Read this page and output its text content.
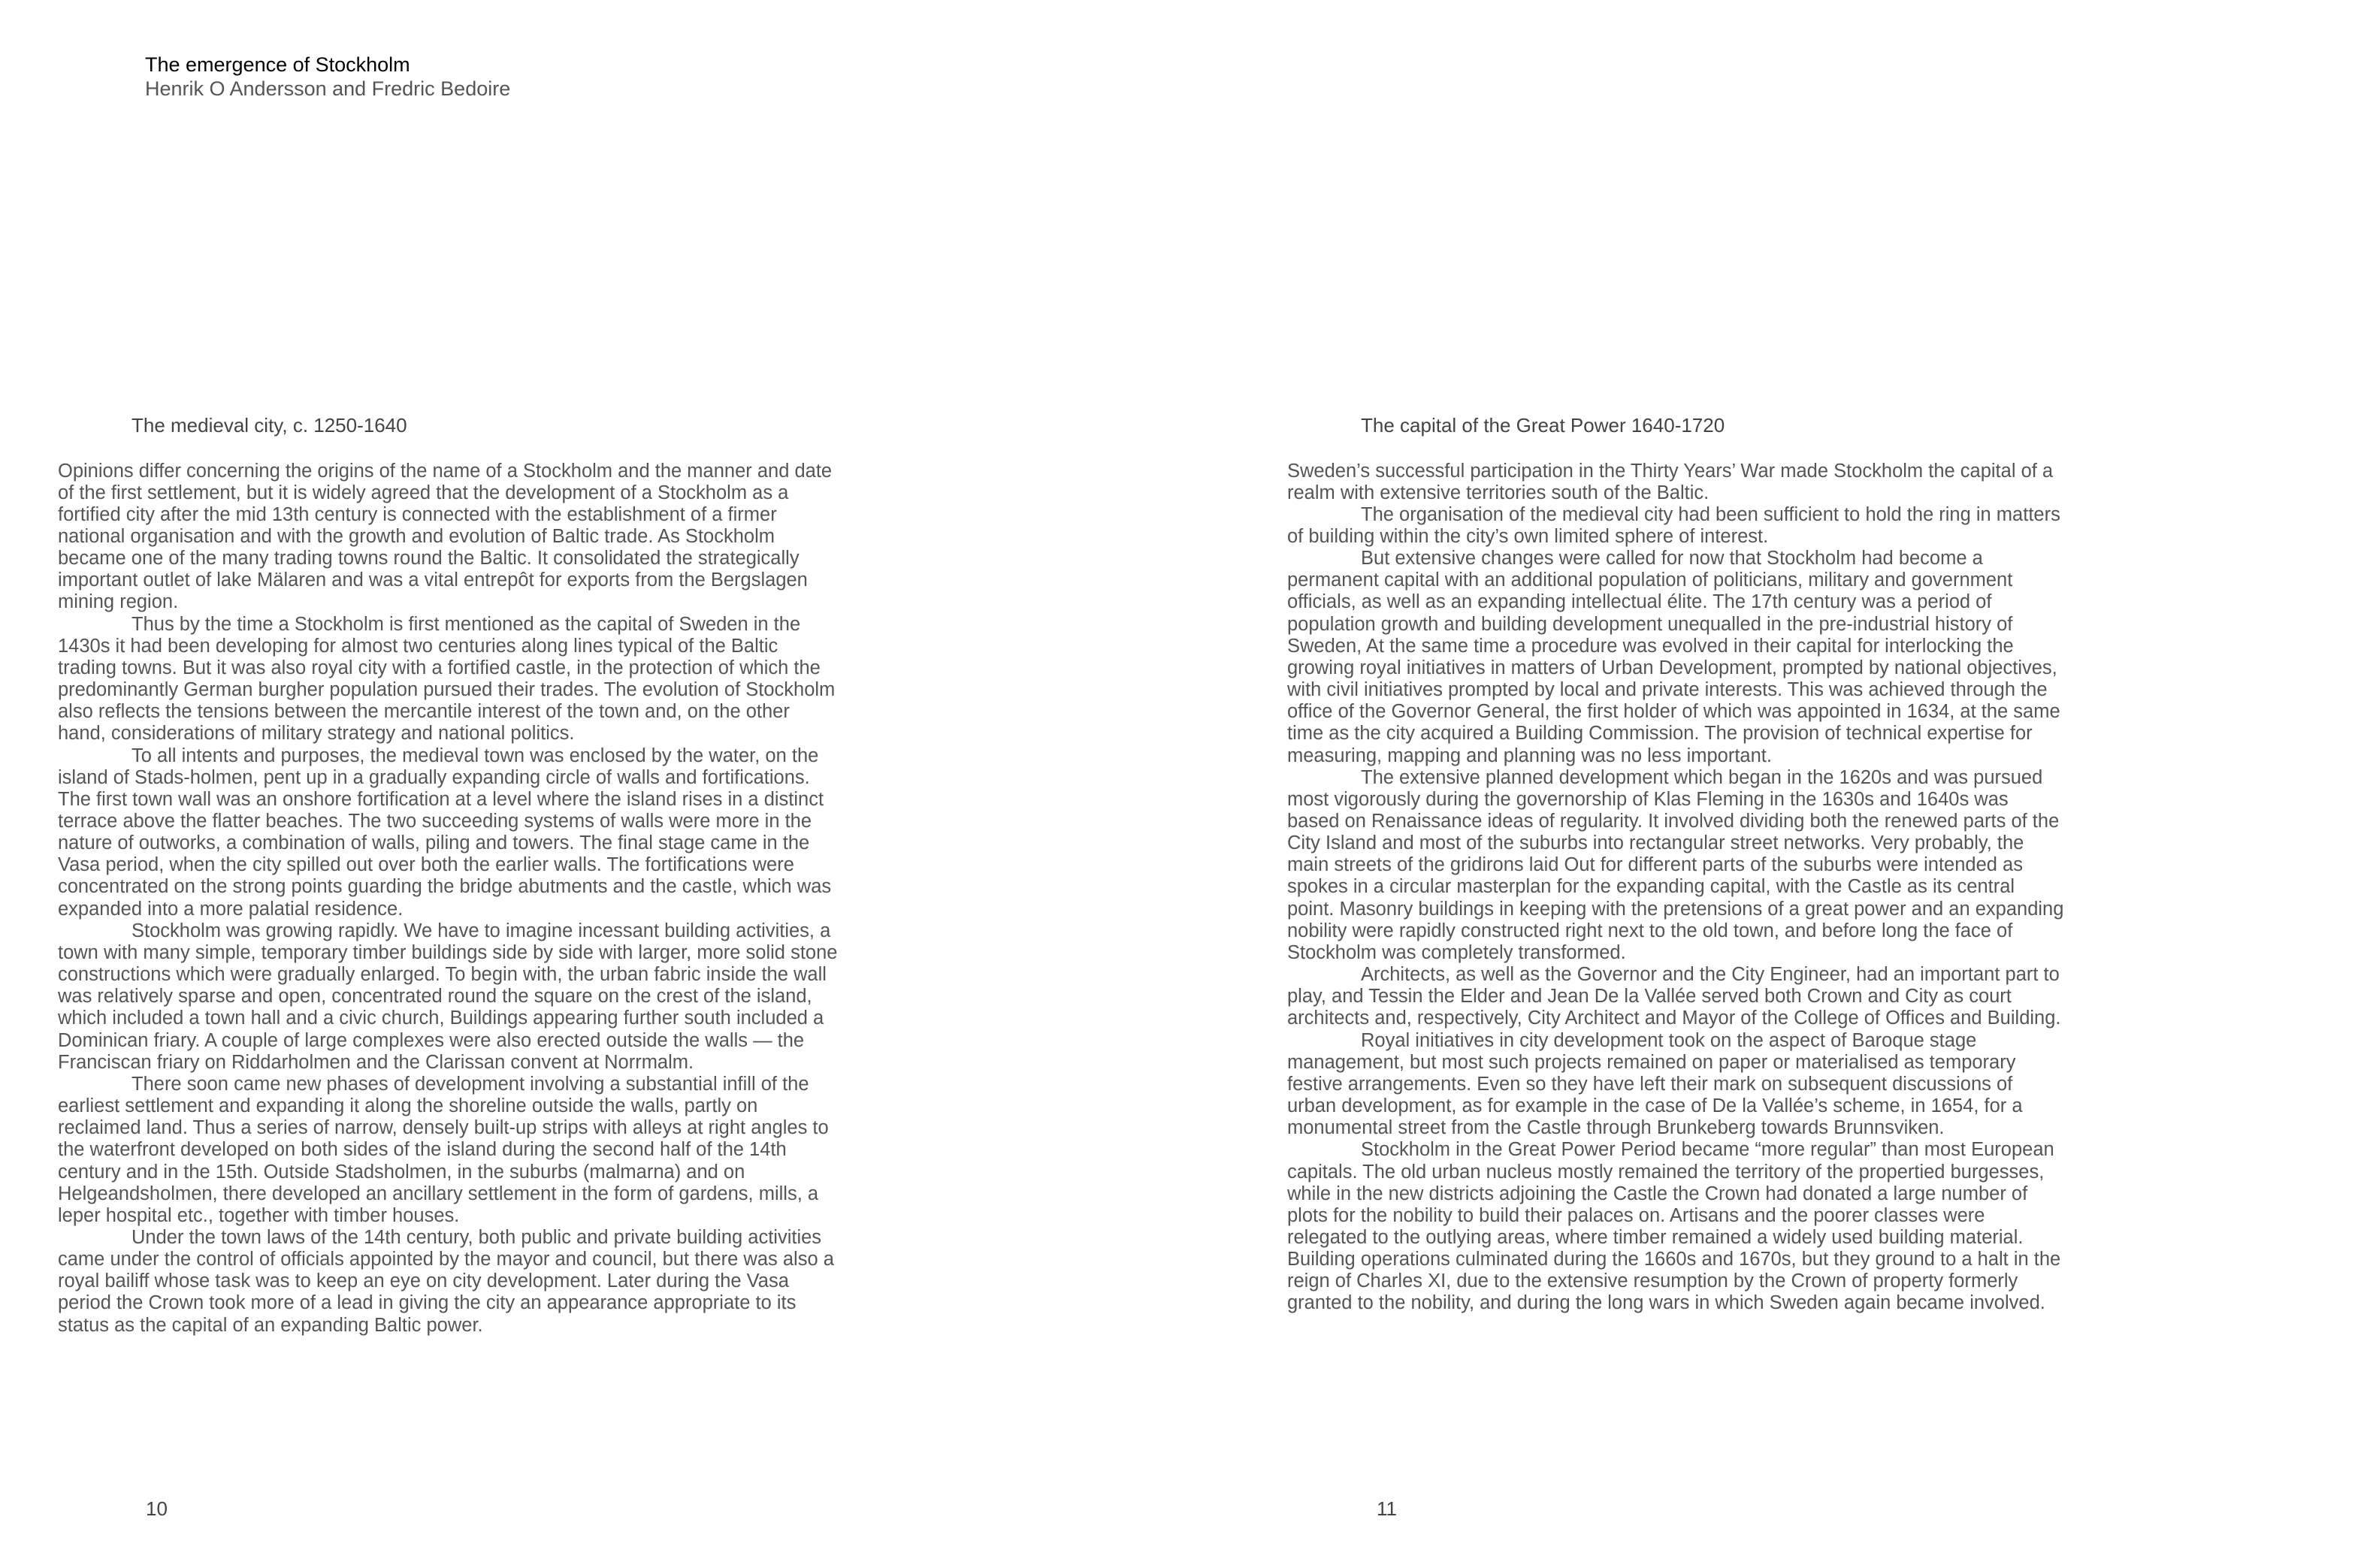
The emergence of Stockholm
Henrik O Andersson and Fredric Bedoire
The medieval city, c. 1250-1640

Opinions differ concerning the origins of the name of a Stockholm and the manner and date of the first settlement, but it is widely agreed that the development of a Stockholm as a fortified city after the mid 13th century is connected with the establishment of a firmer national organisation and with the growth and evolution of Baltic trade. As Stockholm became one of the many trading towns round the Baltic. It consolidated the strategically important outlet of lake Mälaren and was a vital entrepôt for exports from the Bergslagen mining region.

Thus by the time a Stockholm is first mentioned as the capital of Sweden in the 1430s it had been developing for almost two centuries along lines typical of the Baltic trading towns. But it was also royal city with a fortified castle, in the protection of which the predominantly German burgher population pursued their trades. The evolution of Stockholm also reflects the tensions between the mercantile interest of the town and, on the other hand, considerations of military strategy and national politics.

To all intents and purposes, the medieval town was enclosed by the water, on the island of Stads-holmen, pent up in a gradually expanding circle of walls and fortifications. The first town wall was an onshore fortification at a level where the island rises in a distinct terrace above the flatter beaches. The two succeeding systems of walls were more in the nature of outworks, a combination of walls, piling and towers. The final stage came in the Vasa period, when the city spilled out over both the earlier walls. The fortifications were concentrated on the strong points guarding the bridge abutments and the castle, which was expanded into a more palatial residence.

Stockholm was growing rapidly. We have to imagine incessant building activities, a town with many simple, temporary timber buildings side by side with larger, more solid stone constructions which were gradually enlarged. To begin with, the urban fabric inside the wall was relatively sparse and open, concentrated round the square on the crest of the island, which included a town hall and a civic church, Buildings appearing further south included a Dominican friary. A couple of large complexes were also erected outside the walls — the Franciscan friary on Riddarholmen and the Clarissan convent at Norrmalm.

There soon came new phases of development involving a substantial infill of the earliest settlement and expanding it along the shoreline outside the walls, partly on reclaimed land. Thus a series of narrow, densely built-up strips with alleys at right angles to the waterfront developed on both sides of the island during the second half of the 14th century and in the 15th. Outside Stadsholmen, in the suburbs (malmarna) and on Helgeandsholmen, there developed an ancillary settlement in the form of gardens, mills, a leper hospital etc., together with timber houses.

Under the town laws of the 14th century, both public and private building activities came under the control of officials appointed by the mayor and council, but there was also a royal bailiff whose task was to keep an eye on city development. Later during the Vasa period the Crown took more of a lead in giving the city an appearance appropriate to its status as the capital of an expanding Baltic power.

The capital of the Great Power 1640-1720

Sweden’s successful participation in the Thirty Years’ War made Stockholm the capital of a realm with extensive territories south of the Baltic.

The organisation of the medieval city had been sufficient to hold the ring in matters of building within the city’s own limited sphere of interest.

But extensive changes were called for now that Stockholm had become a permanent capital with an additional population of politicians, military and government officials, as well as an expanding intellectual élite. The 17th century was a period of population growth and building development unequalled in the pre-industrial history of Sweden, At the same time a procedure was evolved in their capital for interlocking the growing royal initiatives in matters of Urban Development, prompted by national objectives, with civil initiatives prompted by local and private interests. This was achieved through the office of the Governor General, the first holder of which was appointed in 1634, at the same time as the city acquired a Building Commission. The provision of technical expertise for measuring, mapping and planning was no less important.

The extensive planned development which began in the 1620s and was pursued most vigorously during the governorship of Klas Fleming in the 1630s and 1640s was based on Renaissance ideas of regularity. It involved dividing both the renewed parts of the City Island and most of the suburbs into rectangular street networks. Very probably, the main streets of the gridirons laid Out for different parts of the suburbs were intended as spokes in a circular masterplan for the expanding capital, with the Castle as its central point. Masonry buildings in keeping with the pretensions of a great power and an expanding nobility were rapidly constructed right next to the old town, and before long the face of Stockholm was completely transformed.

Architects, as well as the Governor and the City Engineer, had an important part to play, and Tessin the Elder and Jean De la Vallée served both Crown and City as court architects and, respectively, City Architect and Mayor of the College of Offices and Building.

Royal initiatives in city development took on the aspect of Baroque stage management, but most such projects remained on paper or materialised as temporary festive arrangements. Even so they have left their mark on subsequent discussions of urban development, as for example in the case of De la Vallée’s scheme, in 1654, for a monumental street from the Castle through Brunkeberg towards Brunnsviken.

Stockholm in the Great Power Period became “more regular” than most European capitals. The old urban nucleus mostly remained the territory of the propertied burgesses, while in the new districts adjoining the Castle the Crown had donated a large number of plots for the nobility to build their palaces on. Artisans and the poorer classes were relegated to the outlying areas, where timber remained a widely used building material. Building operations culminated during the 1660s and 1670s, but they ground to a halt in the reign of Charles XI, due to the extensive resumption by the Crown of property formerly granted to the nobility, and during the long wars in which Sweden again became involved.

10	11
